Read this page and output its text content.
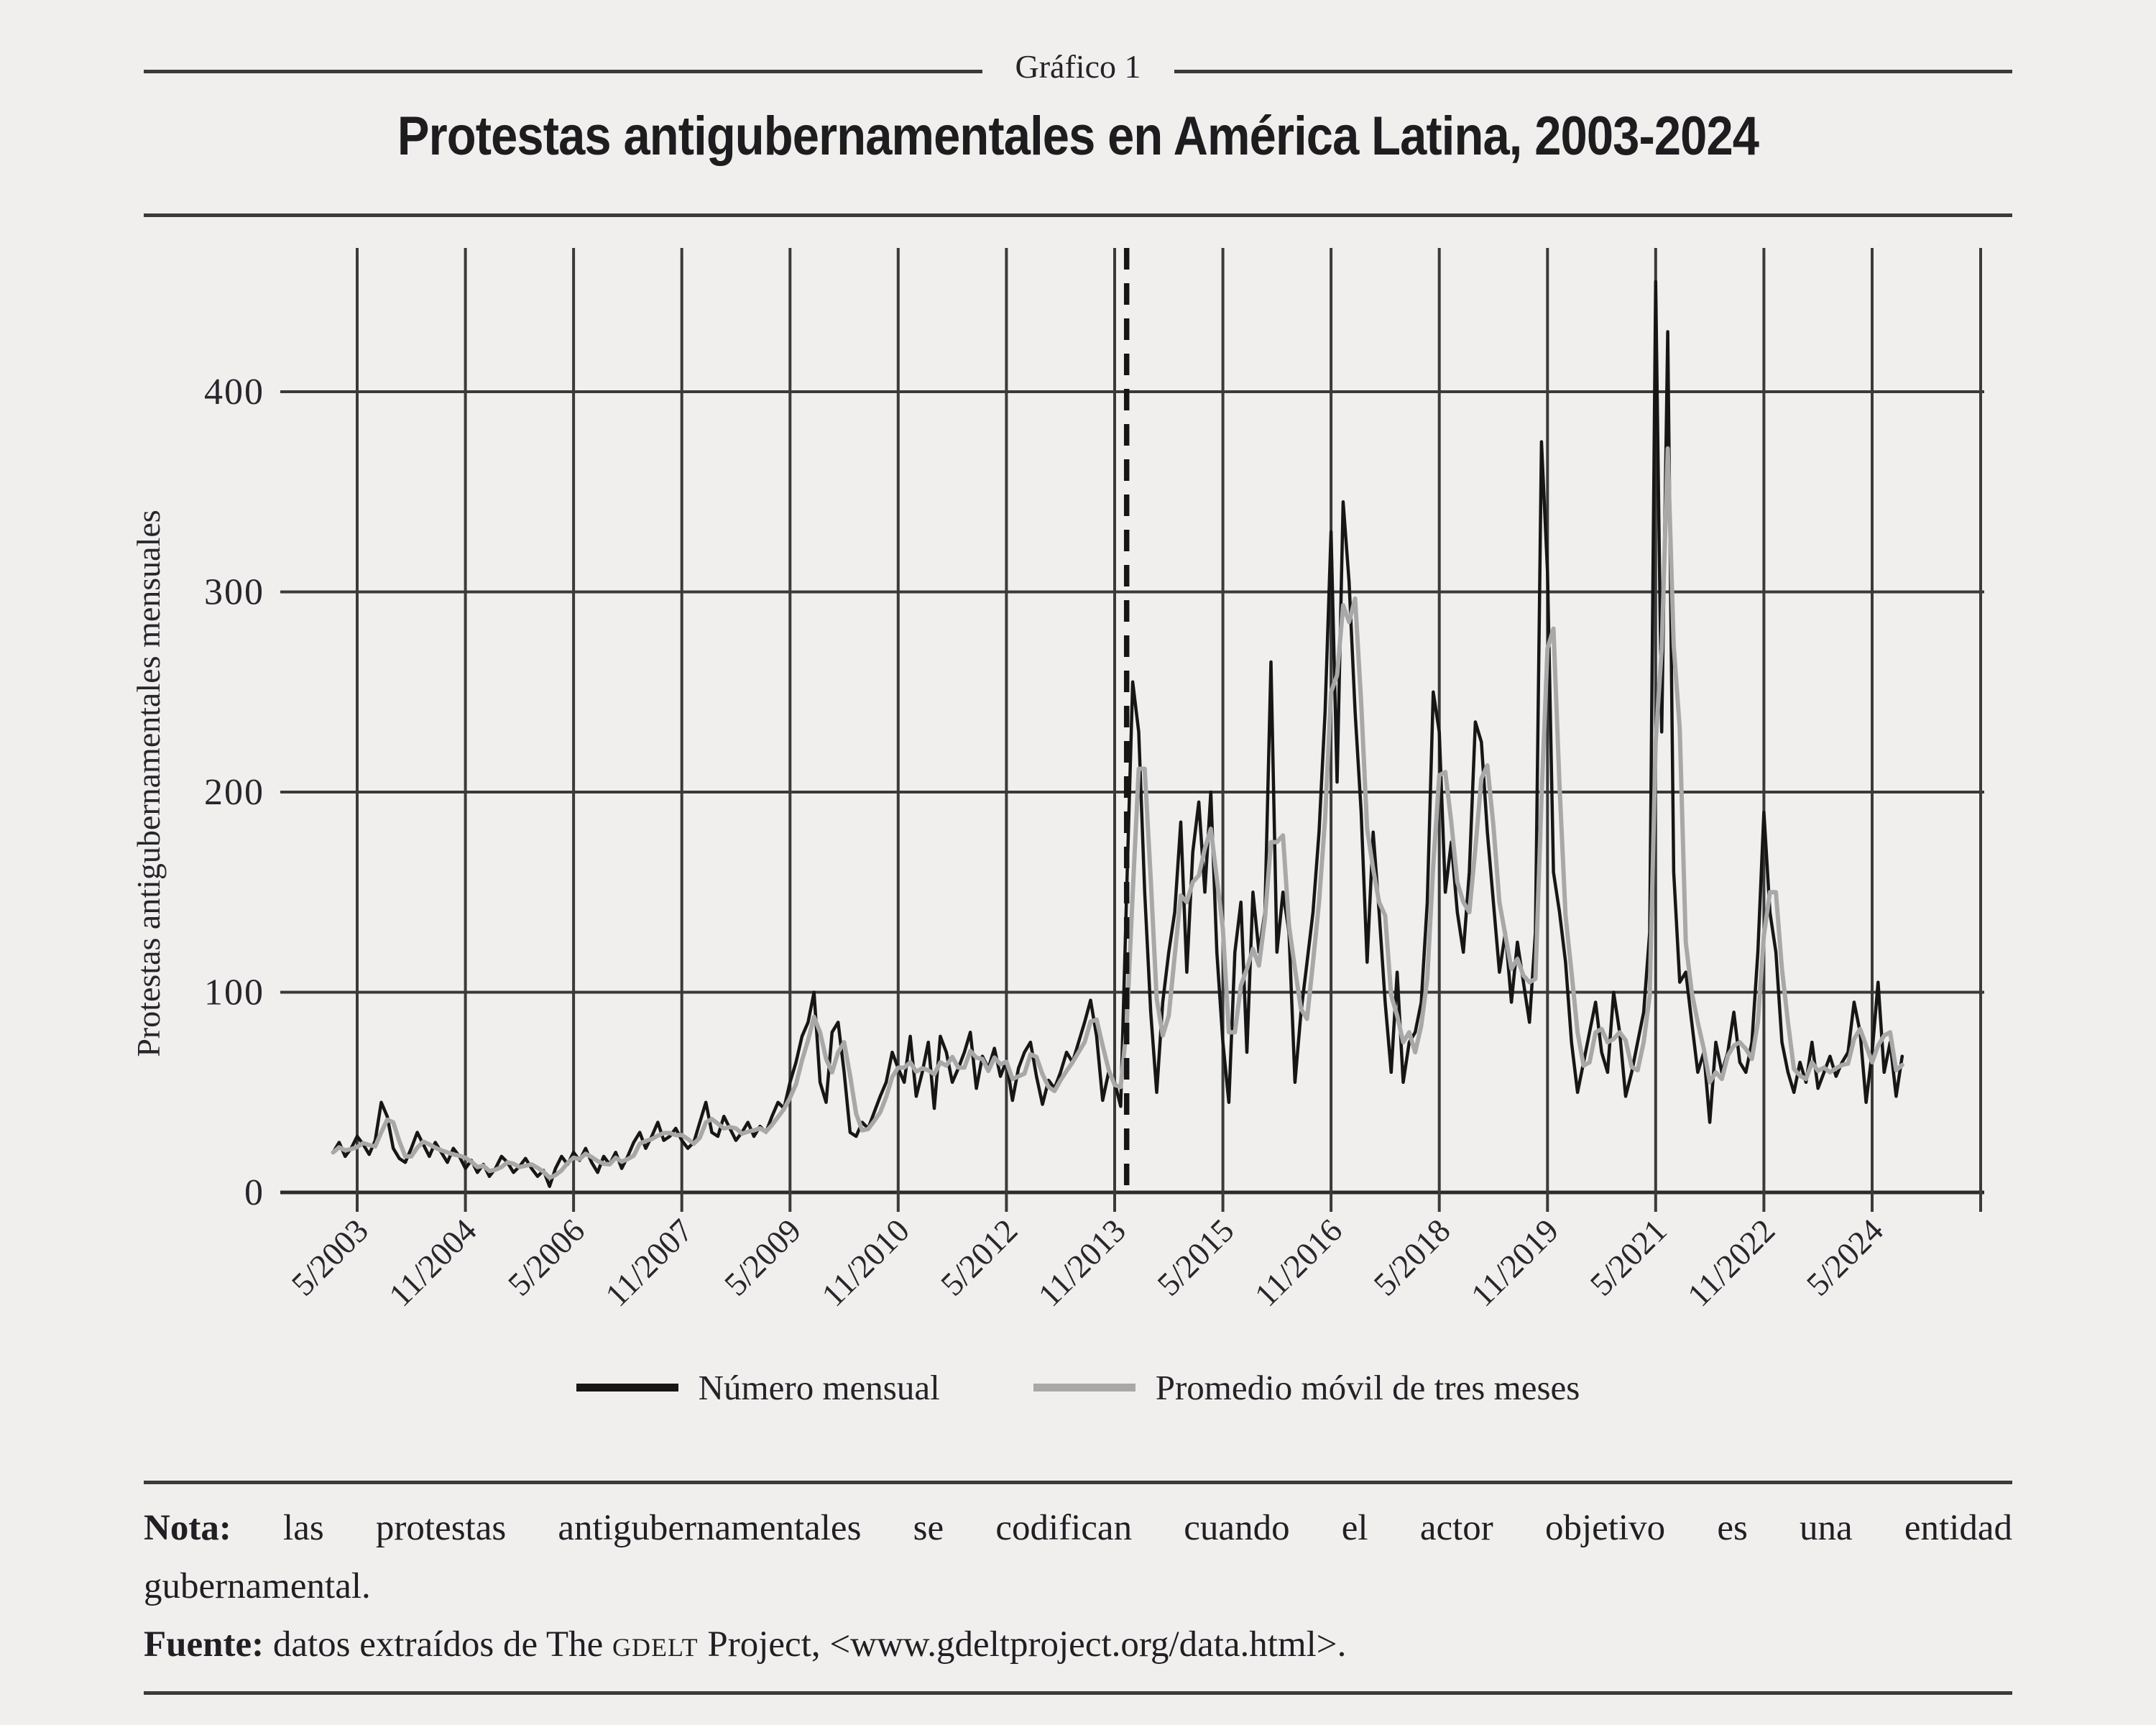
Gráfico 1
Protestas antigubernamentales en América Latina, 2003-2024
0
100
200
300
400
5/2003 11/2004 5/2006 11/2007 5/2009 11/2010 5/2012 11/2013 5/2015 11/2016 5/2018 11/2019 5/2021 11/2022 5/2024
Protestas antigubernamentales mensuales
Número mensual	Promedio móvil de tres meses

Nota: las protestas antigubernamentales se codifican cuando el actor objetivo es una entidad

gubernamental.

Fuente: datos extraídos de The gdelt Project, <www.gdeltproject.org/data.html>.
